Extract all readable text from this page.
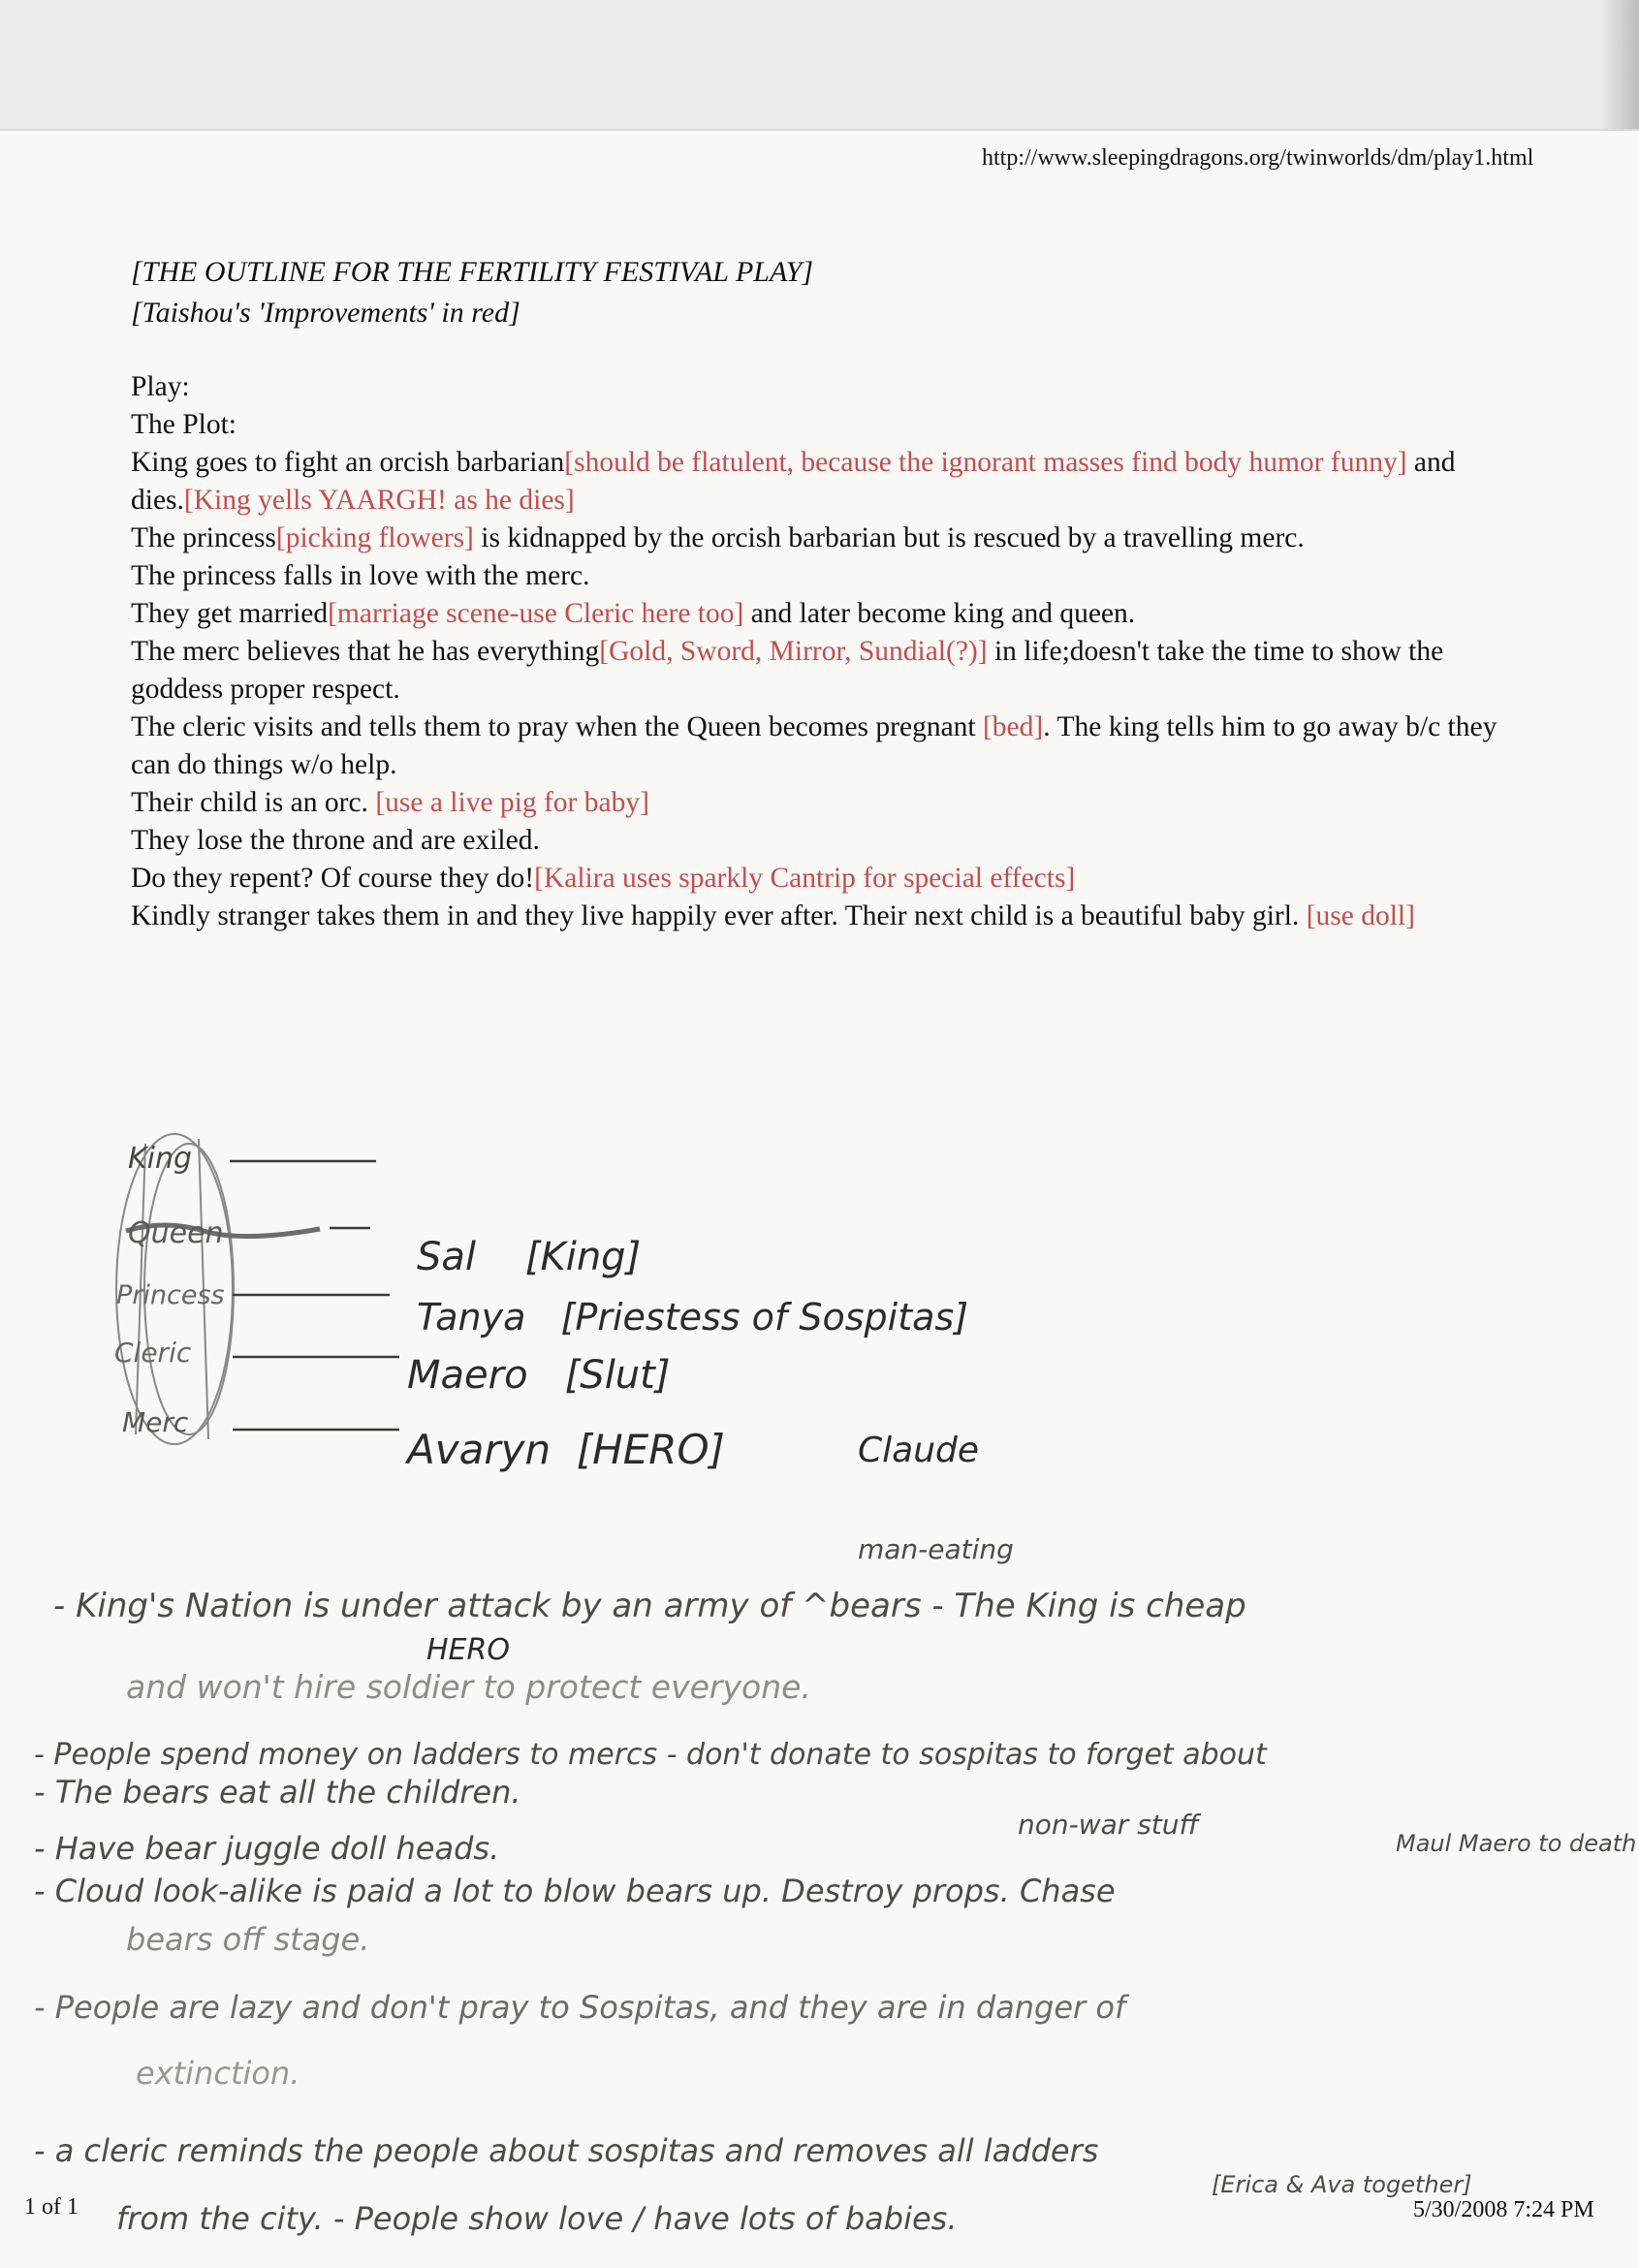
http://www.sleepingdragons.org/twinworlds/dm/play1.html
[THE OUTLINE FOR THE FERTILITY FESTIVAL PLAY]
[Taishou's 'Improvements' in red]

Play:

The Plot:

King goes to fight an orcish barbarian[should be flatulent, because the ignorant masses find body humor funny] and dies.[King yells YAARGH! as he dies]

The princess[picking flowers] is kidnapped by the orcish barbarian but is rescued by a travelling merc.

The princess falls in love with the merc.

They get married[marriage scene-use Cleric here too] and later become king and queen.

The merc believes that he has everything[Gold, Sword, Mirror, Sundial(?)] in life;doesn't take the time to show the goddess proper respect.

The cleric visits and tells them to pray when the Queen becomes pregnant [bed]. The king tells him to go away b/c they can do things w/o help.

Their child is an orc. [use a live pig for baby]

They lose the throne and are exiled.

Do they repent? Of course they do![Kalira uses sparkly Cantrip for special effects]

Kindly stranger takes them in and they live happily ever after. Their next child is a beautiful baby girl. [use doll]

King
Queen
Princess
Cleric
Merc
Sal    [King]
Tanya   [Priestess of Sospitas]
Maero   [Slut]
Avaryn  [HERO]	Claude
man-eating
- King's Nation is under attack by an army of ^bears - The King is cheap
HERO
and won't hire soldier to protect everyone.
- People spend money on ladders to mercs - don't donate to sospitas to forget about
- The bears eat all the children.
non-war stuff
- Have bear juggle doll heads.	Maul Maero to death
- Cloud look-alike is paid a lot to blow bears up. Destroy props. Chase
bears off stage.
- People are lazy and don't pray to Sospitas, and they are in danger of
extinction.
- a cleric reminds the people about sospitas and removes all ladders
[Erica & Ava together]
from the city. - People show love / have lots of babies.
1 of 1	5/30/2008 7:24 PM
